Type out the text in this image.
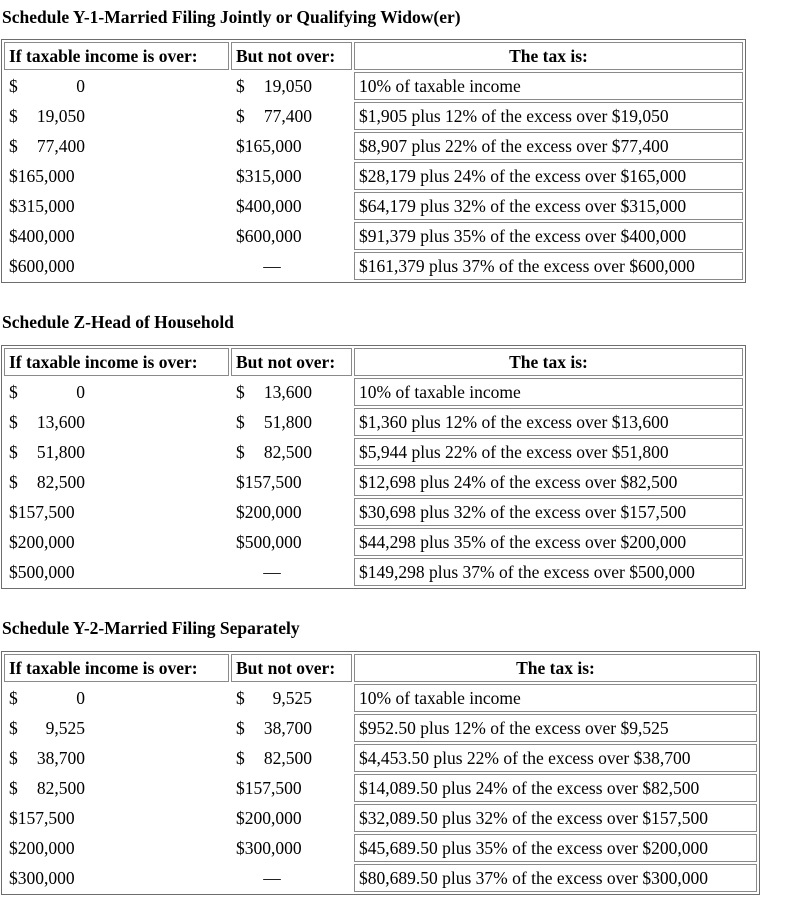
Schedule Y-1-Married Filing Jointly or Qualifying Widow(er)
If taxable income is over:	But not over:	The tax is:

$ 0	$ 19,050	10% of taxable income

$ 19,050	$ 77,400	$1,905 plus 12% of the excess over $19,050

$ 77,400	$165,000	$8,907 plus 22% of the excess over $77,400

$165,000	$315,000	$28,179 plus 24% of the excess over $165,000

$315,000	$400,000	$64,179 plus 32% of the excess over $315,000

$400,000	$600,000	$91,379 plus 35% of the excess over $400,000

$600,000	—	$161,379 plus 37% of the excess over $600,000
Schedule Z-Head of Household
If taxable income is over:	But not over:	The tax is:

$ 0	$ 13,600	10% of taxable income

$ 13,600	$ 51,800	$1,360 plus 12% of the excess over $13,600

$ 51,800	$ 82,500	$5,944 plus 22% of the excess over $51,800

$ 82,500	$157,500	$12,698 plus 24% of the excess over $82,500

$157,500	$200,000	$30,698 plus 32% of the excess over $157,500

$200,000	$500,000	$44,298 plus 35% of the excess over $200,000

$500,000	—	$149,298 plus 37% of the excess over $500,000
Schedule Y-2-Married Filing Separately
If taxable income is over:	But not over:	The tax is:

$ 0	$ 9,525	10% of taxable income

$ 9,525	$ 38,700	$952.50 plus 12% of the excess over $9,525

$ 38,700	$ 82,500	$4,453.50 plus 22% of the excess over $38,700

$ 82,500	$157,500	$14,089.50 plus 24% of the excess over $82,500

$157,500	$200,000	$32,089.50 plus 32% of the excess over $157,500

$200,000	$300,000	$45,689.50 plus 35% of the excess over $200,000

$300,000	—	$80,689.50 plus 37% of the excess over $300,000
